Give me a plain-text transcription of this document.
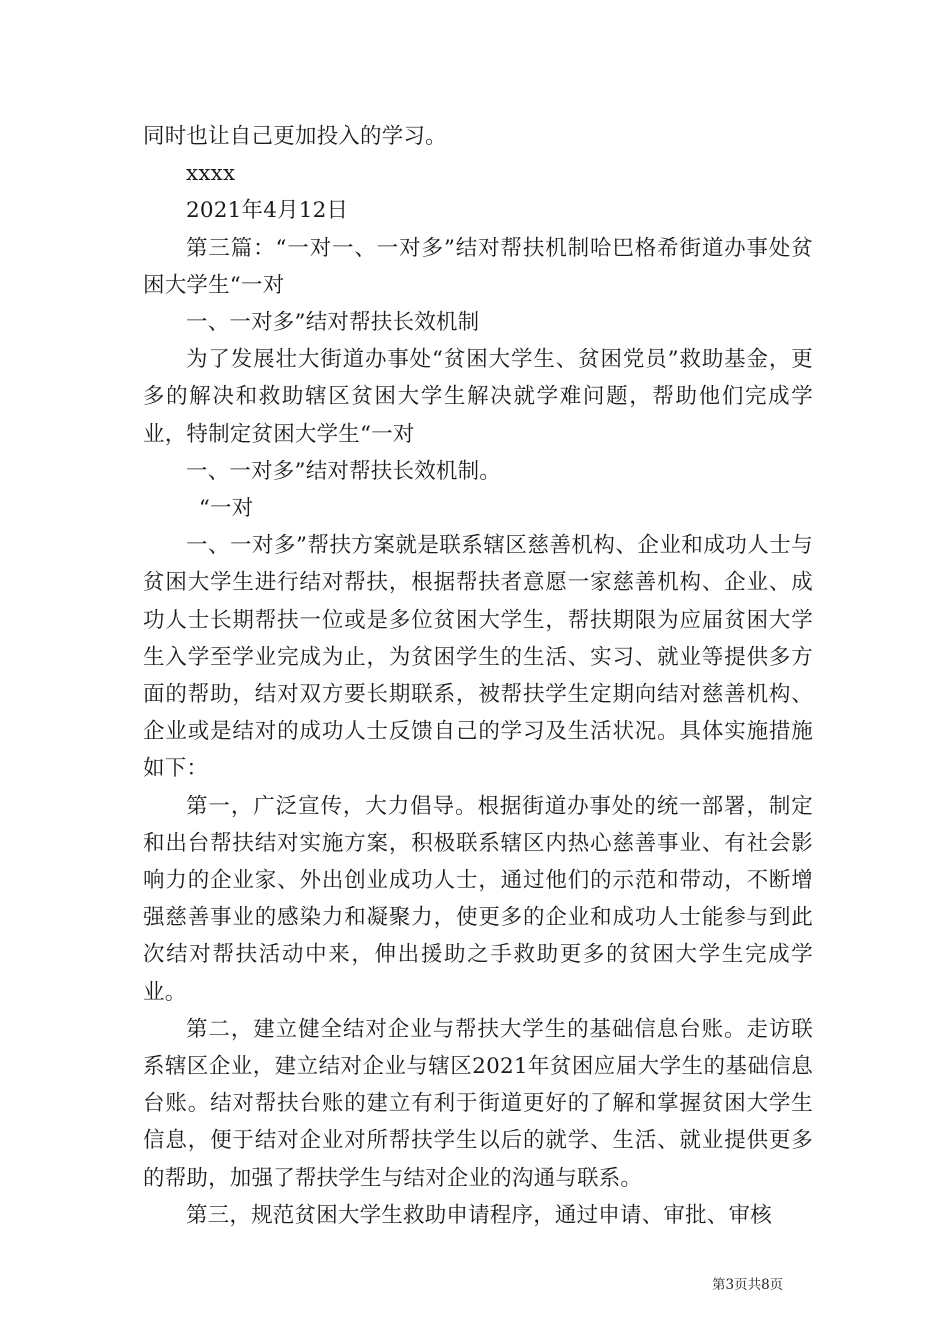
同时也让自己更加投入的学习。

xxxx

2021年4月12日

第三篇：“一对一、一对多”结对帮扶机制哈巴格希街道办事处贫困大学生“一对

一、一对多”结对帮扶长效机制

为了发展壮大街道办事处“贫困大学生、贫困党员”救助基金，更多的解决和救助辖区贫困大学生解决就学难问题，帮助他们完成学业，特制定贫困大学生“一对

一、一对多”结对帮扶长效机制。

“一对

一、一对多”帮扶方案就是联系辖区慈善机构、企业和成功人士与贫困大学生进行结对帮扶，根据帮扶者意愿一家慈善机构、企业、成功人士长期帮扶一位或是多位贫困大学生，帮扶期限为应届贫困大学生入学至学业完成为止，为贫困学生的生活、实习、就业等提供多方面的帮助，结对双方要长期联系，被帮扶学生定期向结对慈善机构、企业或是结对的成功人士反馈自己的学习及生活状况。具体实施措施如下：

第一，广泛宣传，大力倡导。根据街道办事处的统一部署，制定和出台帮扶结对实施方案，积极联系辖区内热心慈善事业、有社会影响力的企业家、外出创业成功人士，通过他们的示范和带动，不断增强慈善事业的感染力和凝聚力，使更多的企业和成功人士能参与到此次结对帮扶活动中来，伸出援助之手救助更多的贫困大学生完成学业。

第二，建立健全结对企业与帮扶大学生的基础信息台账。走访联系辖区企业，建立结对企业与辖区2021年贫困应届大学生的基础信息台账。结对帮扶台账的建立有利于街道更好的了解和掌握贫困大学生信息，便于结对企业对所帮扶学生以后的就学、生活、就业提供更多的帮助，加强了帮扶学生与结对企业的沟通与联系。

第三，规范贫困大学生救助申请程序，通过申请、审批、审核

第3页共8页
